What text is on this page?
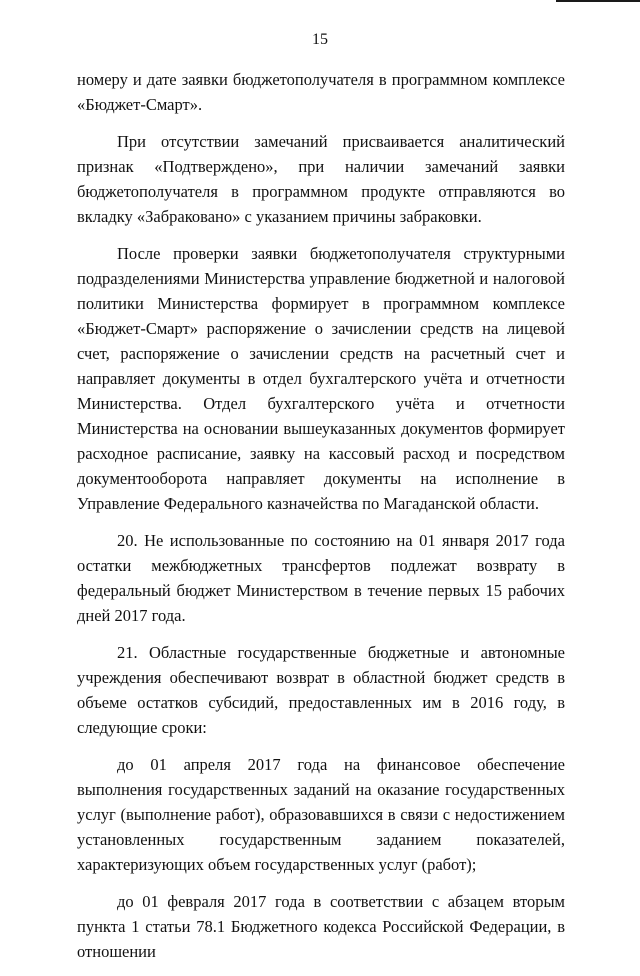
15

номеру и дате заявки бюджетополучателя в программном комплексе «Бюджет-Смарт».

При отсутствии замечаний присваивается аналитический признак «Подтверждено», при наличии замечаний заявки бюджетополучателя в программном продукте отправляются во вкладку «Забраковано» с указанием причины забраковки.

После проверки заявки бюджетополучателя структурными подразделениями Министерства управление бюджетной и налоговой политики Министерства формирует в программном комплексе «Бюджет-Смарт» распоряжение о зачислении средств на лицевой счет, распоряжение о зачислении средств на расчетный счет и направляет документы в отдел бухгалтерского учёта и отчетности Министерства. Отдел бухгалтерского учёта и отчетности Министерства на основании вышеуказанных документов формирует расходное расписание, заявку на кассовый расход и посредством документооборота направляет документы на исполнение в Управление Федерального казначейства по Магаданской области.

20. Не использованные по состоянию на 01 января 2017 года остатки межбюджетных трансфертов подлежат возврату в федеральный бюджет Министерством в течение первых 15 рабочих дней 2017 года.

21. Областные государственные бюджетные и автономные учреждения обеспечивают возврат в областной бюджет средств в объеме остатков субсидий, предоставленных им в 2016 году, в следующие сроки:

до 01 апреля 2017 года на финансовое обеспечение выполнения государственных заданий на оказание государственных услуг (выполнение работ), образовавшихся в связи с недостижением установленных государственным заданием показателей, характеризующих объем государственных услуг (работ);

до 01 февраля 2017 года в соответствии с абзацем вторым пункта 1 статьи 78.1 Бюджетного кодекса Российской Федерации, в отношении
